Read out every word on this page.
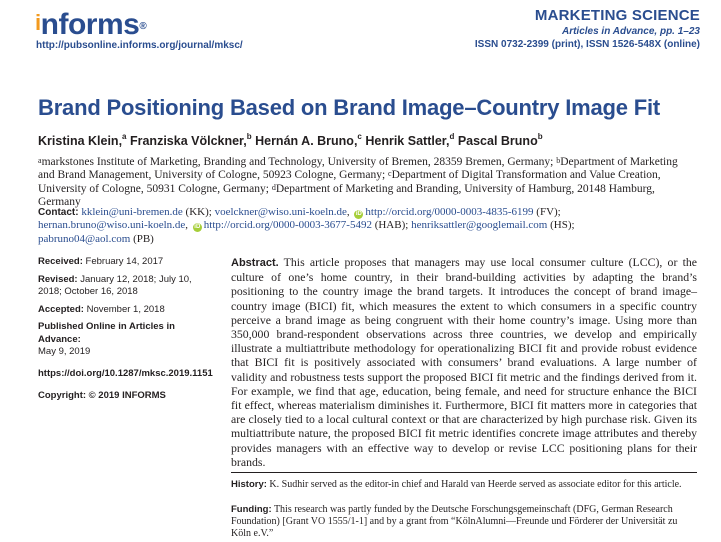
informs®
http://pubsonline.informs.org/journal/mksc/
MARKETING SCIENCE
Articles in Advance, pp. 1–23
ISSN 0732-2399 (print), ISSN 1526-548X (online)
Brand Positioning Based on Brand Image–Country Image Fit
Kristina Klein,$^a$ Franziska Völckner,$^b$ Hernán A. Bruno,$^c$ Henrik Sattler,$^d$ Pascal Bruno$^b$
$^a$markstones Institute of Marketing, Branding and Technology, University of Bremen, 28359 Bremen, Germany; $^b$Department of Marketing and Brand Management, University of Cologne, 50923 Cologne, Germany; $^c$Department of Digital Transformation and Value Creation, University of Cologne, 50931 Cologne, Germany; $^d$Department of Marketing and Branding, University of Hamburg, 20148 Hamburg, Germany
Contact: kklein@uni-bremen.de (KK); voelckner@wiso.uni-koeln.de, iD http://orcid.org/0000-0003-4835-6199 (FV);
hernan.bruno@wiso.uni-koeln.de, iD http://orcid.org/0000-0003-3677-5492 (HAB); henriksattler@googlemail.com (HS);
pabruno04@aol.com (PB)

Received: February 14, 2017

Revised: January 12, 2018; July 10, 2018; October 16, 2018

Accepted: November 1, 2018

Published Online in Articles in Advance:
May 9, 2019

https://doi.org/10.1287/mksc.2019.1151

Copyright: © 2019 INFORMS

Abstract. This article proposes that managers may use local consumer culture (LCC), or the culture of one’s home country, in their brand-building activities by adapting the brand’s positioning to the country image the brand targets. It introduces the concept of brand image–country image (BICI) fit, which measures the extent to which consumers in a specific country perceive a brand image as being congruent with their home country’s image. Using more than 350,000 brand-respondent observations across three countries, we develop and empirically illustrate a multiattribute methodology for operationalizing BICI fit and provide robust evidence that BICI fit is positively associated with consumers’ brand evaluations. A large number of validity and robustness tests support the proposed BICI fit metric and the findings derived from it. For example, we find that age, education, being female, and need for structure enhance the BICI fit effect, whereas materialism diminishes it. Furthermore, BICI fit matters more in categories that are closely tied to a local cultural context or that are characterized by high purchase risk. Given its multiattribute nature, the proposed BICI fit metric identifies concrete image attributes and thereby provides managers with an effective way to develop or revise LCC positioning plans for their brands.

History: K. Sudhir served as the editor-in chief and Harald van Heerde served as associate editor for this article.
Funding: This research was partly funded by the Deutsche Forschungsgemeinschaft (DFG, German Research Foundation) [Grant VO 1555/1-1] and by a grant from “KölnAlumni—Freunde und Förderer der Universität zu Köln e.V.”
